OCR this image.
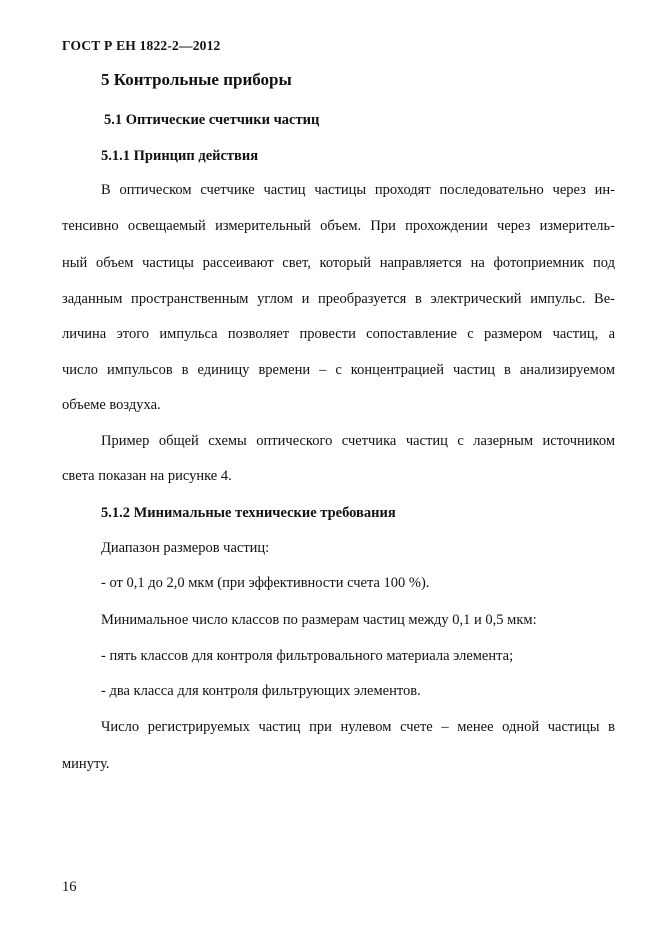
ГОСТ Р ЕН 1822-2—2012
5 Контрольные приборы
5.1 Оптические счетчики частиц
5.1.1 Принцип действия
В оптическом счетчике частиц частицы проходят последовательно через ин-
тенсивно освещаемый измерительный объем. При прохождении через измеритель-
ный объем частицы рассеивают свет, который направляется на фотоприемник под
заданным пространственным углом и преобразуется в электрический импульс. Ве-
личина этого импульса позволяет провести сопоставление с размером частиц, а
число импульсов в единицу времени – с концентрацией частиц в анализируемом
объеме воздуха.
Пример общей схемы оптического счетчика частиц с лазерным источником
света показан на рисунке 4.
5.1.2 Минимальные технические требования
Диапазон размеров частиц:
- от 0,1 до 2,0 мкм (при эффективности счета 100 %).
Минимальное число классов по размерам частиц между 0,1 и 0,5 мкм:
- пять классов для контроля фильтровального материала элемента;
- два класса для контроля фильтрующих элементов.
Число регистрируемых частиц при нулевом счете – менее одной частицы в
минуту.
16
